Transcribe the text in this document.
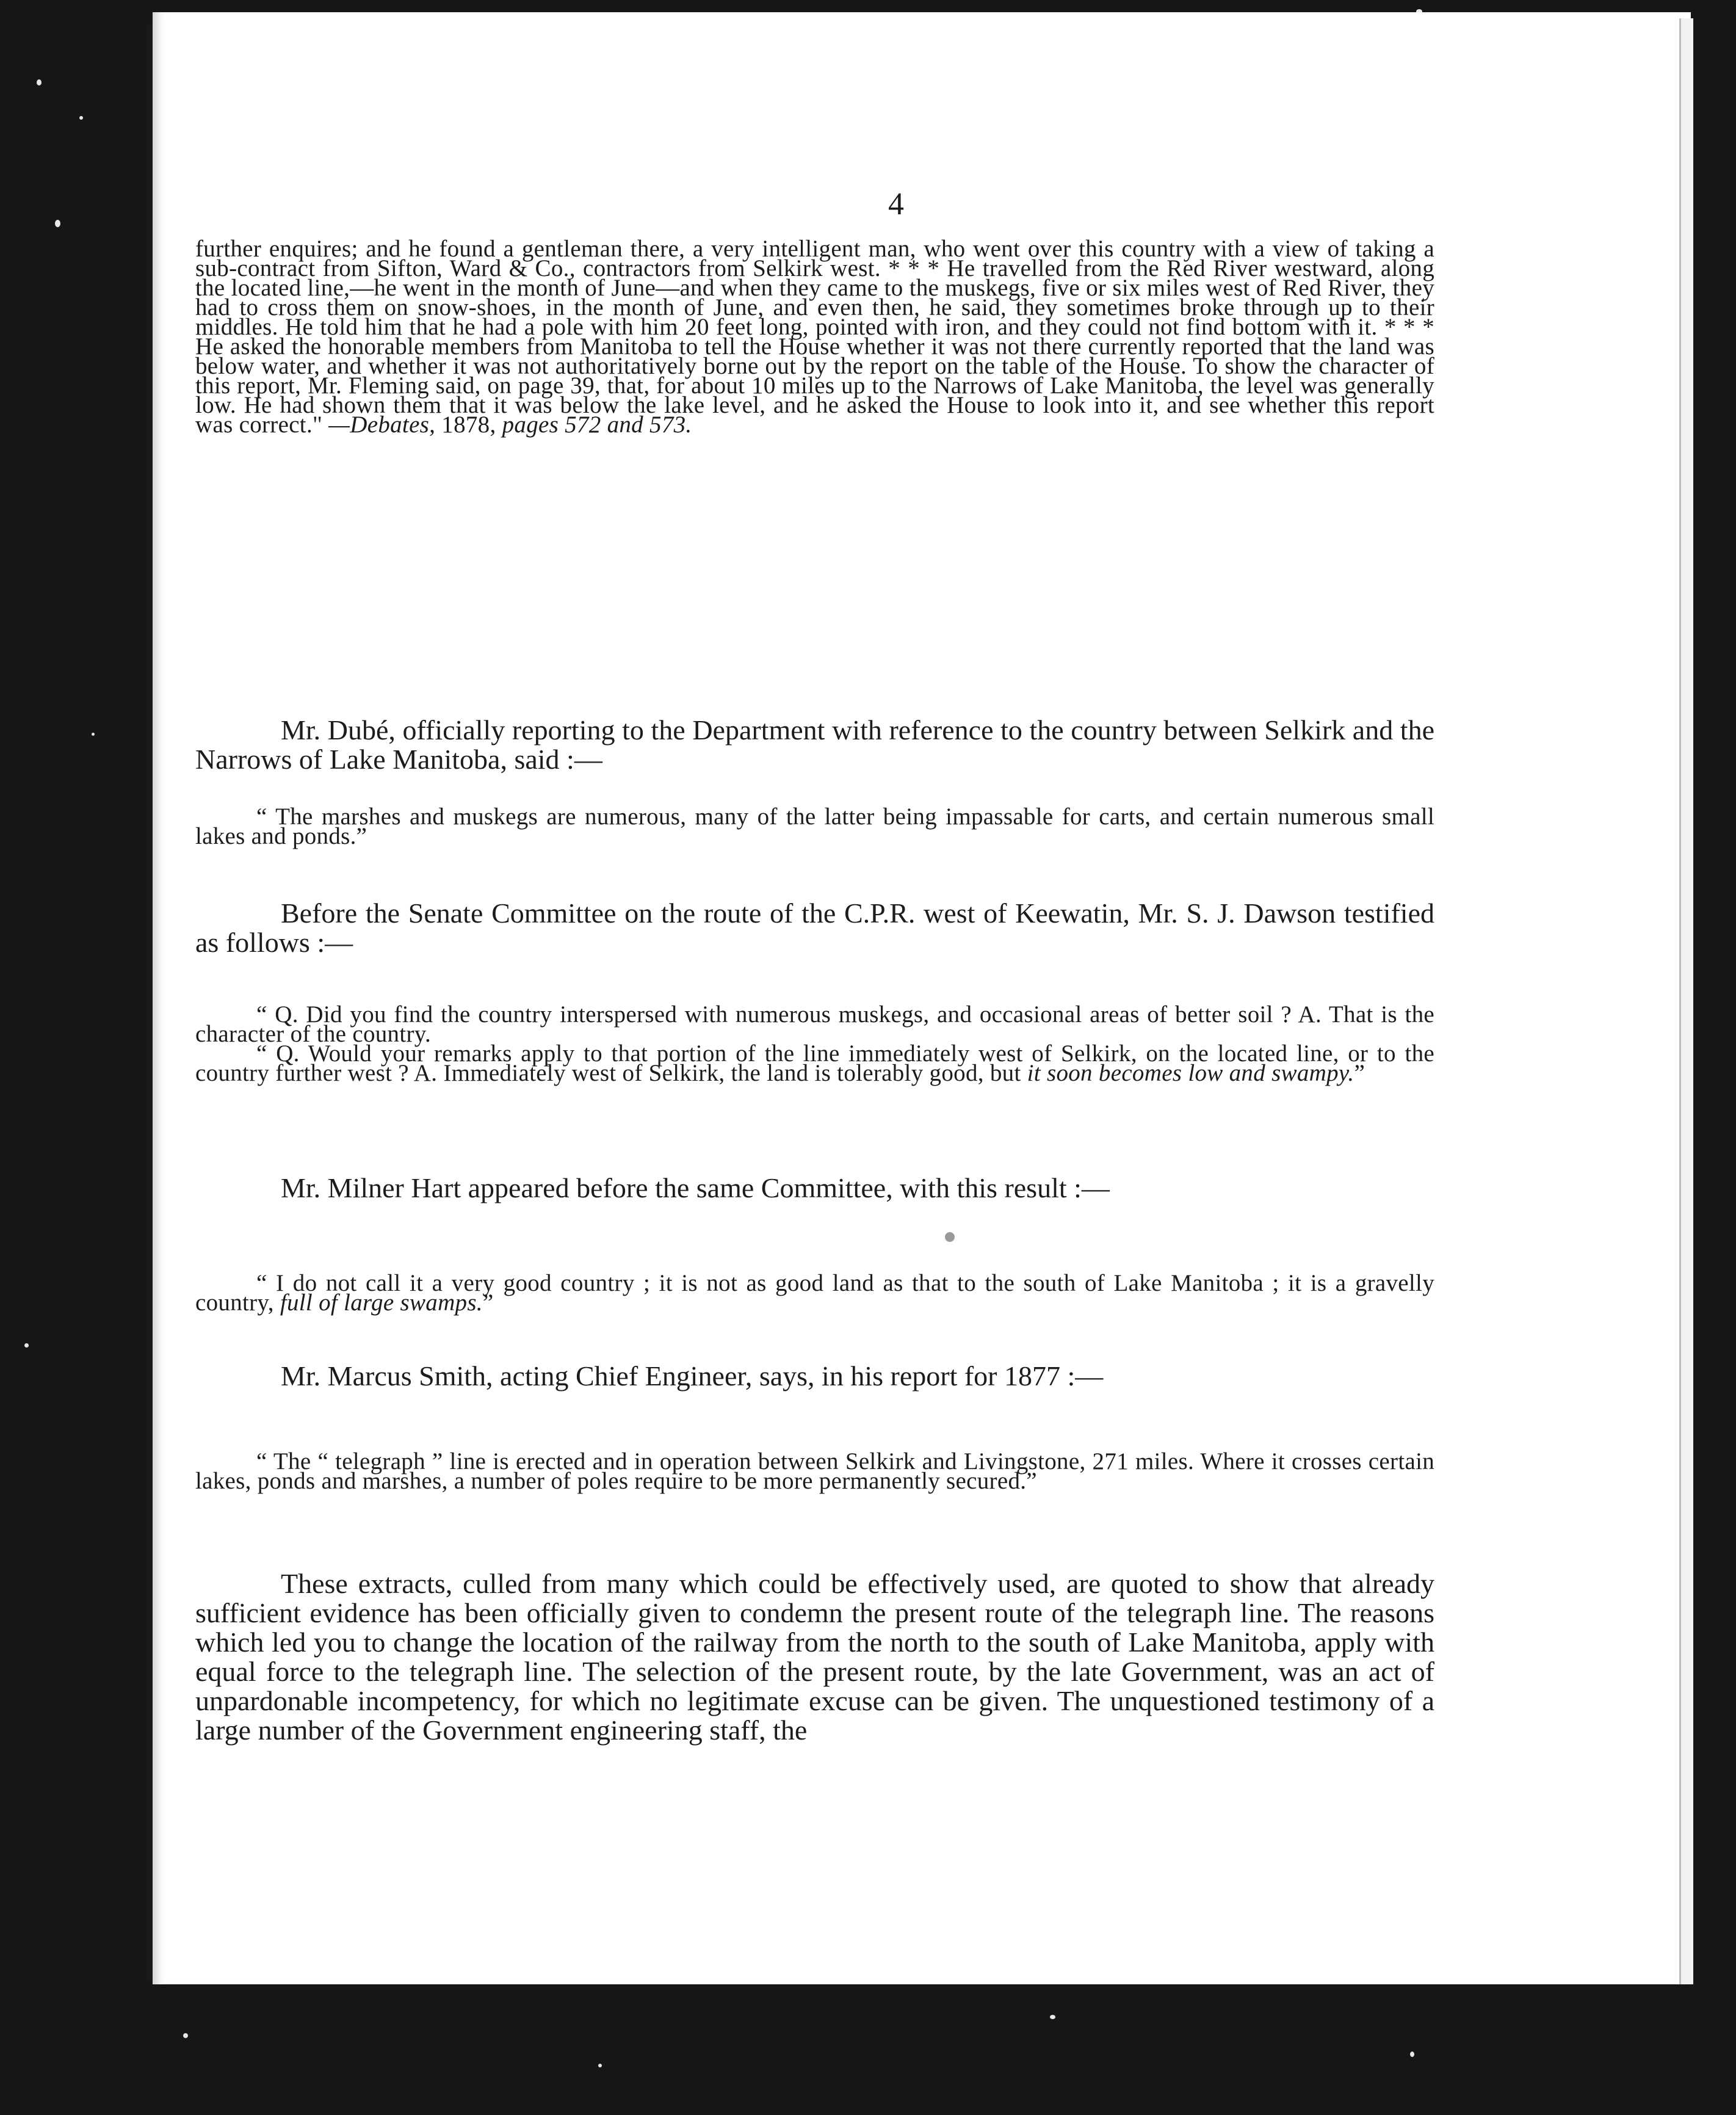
4
further enquires; and he found a gentleman there, a very intelligent man, who went over this country with a view of taking a sub-contract from Sifton, Ward & Co., contractors from Selkirk west. * * * He travelled from the Red River westward, along the located line,—he went in the month of June—and when they came to the muskegs, five or six miles west of Red River, they had to cross them on snow-shoes, in the month of June, and even then, he said, they sometimes broke through up to their middles. He told him that he had a pole with him 20 feet long, pointed with iron, and they could not find bottom with it. * * * He asked the honorable members from Manitoba to tell the House whether it was not there currently reported that the land was below water, and whether it was not authoritatively borne out by the report on the table of the House. To show the character of this report, Mr. Fleming said, on page 39, that, for about 10 miles up to the Narrows of Lake Manitoba, the level was generally low. He had shown them that it was below the lake level, and he asked the House to look into it, and see whether this report was correct." —Debates, 1878, pages 572 and 573.
Mr. Dubé, officially reporting to the Department with reference to the country between Selkirk and the Narrows of Lake Manitoba, said :—
“ The marshes and muskegs are numerous, many of the latter being impassable for carts, and certain numerous small lakes and ponds.”
Before the Senate Committee on the route of the C.P.R. west of Keewatin, Mr. S. J. Dawson testified as follows :—

“ Q. Did you find the country interspersed with numerous muskegs, and occasional areas of better soil ? A. That is the character of the country.

“ Q. Would your remarks apply to that portion of the line immediately west of Selkirk, on the located line, or to the country further west ? A. Immediately west of Selkirk, the land is tolerably good, but it soon becomes low and swampy.”

Mr. Milner Hart appeared before the same Committee, with this result :—
“ I do not call it a very good country ; it is not as good land as that to the south of Lake Manitoba ; it is a gravelly country, full of large swamps.”
Mr. Marcus Smith, acting Chief Engineer, says, in his report for 1877 :—
“ The “ telegraph ” line is erected and in operation between Selkirk and Livingstone, 271 miles. Where it crosses certain lakes, ponds and marshes, a number of poles require to be more permanently secured.”
These extracts, culled from many which could be effectively used, are quoted to show that already sufficient evidence has been officially given to condemn the present route of the telegraph line. The reasons which led you to change the location of the railway from the north to the south of Lake Manitoba, apply with equal force to the telegraph line. The selection of the present route, by the late Government, was an act of unpardonable incompetency, for which no legitimate excuse can be given. The unquestioned testimony of a large number of the Government engineering staff, the
